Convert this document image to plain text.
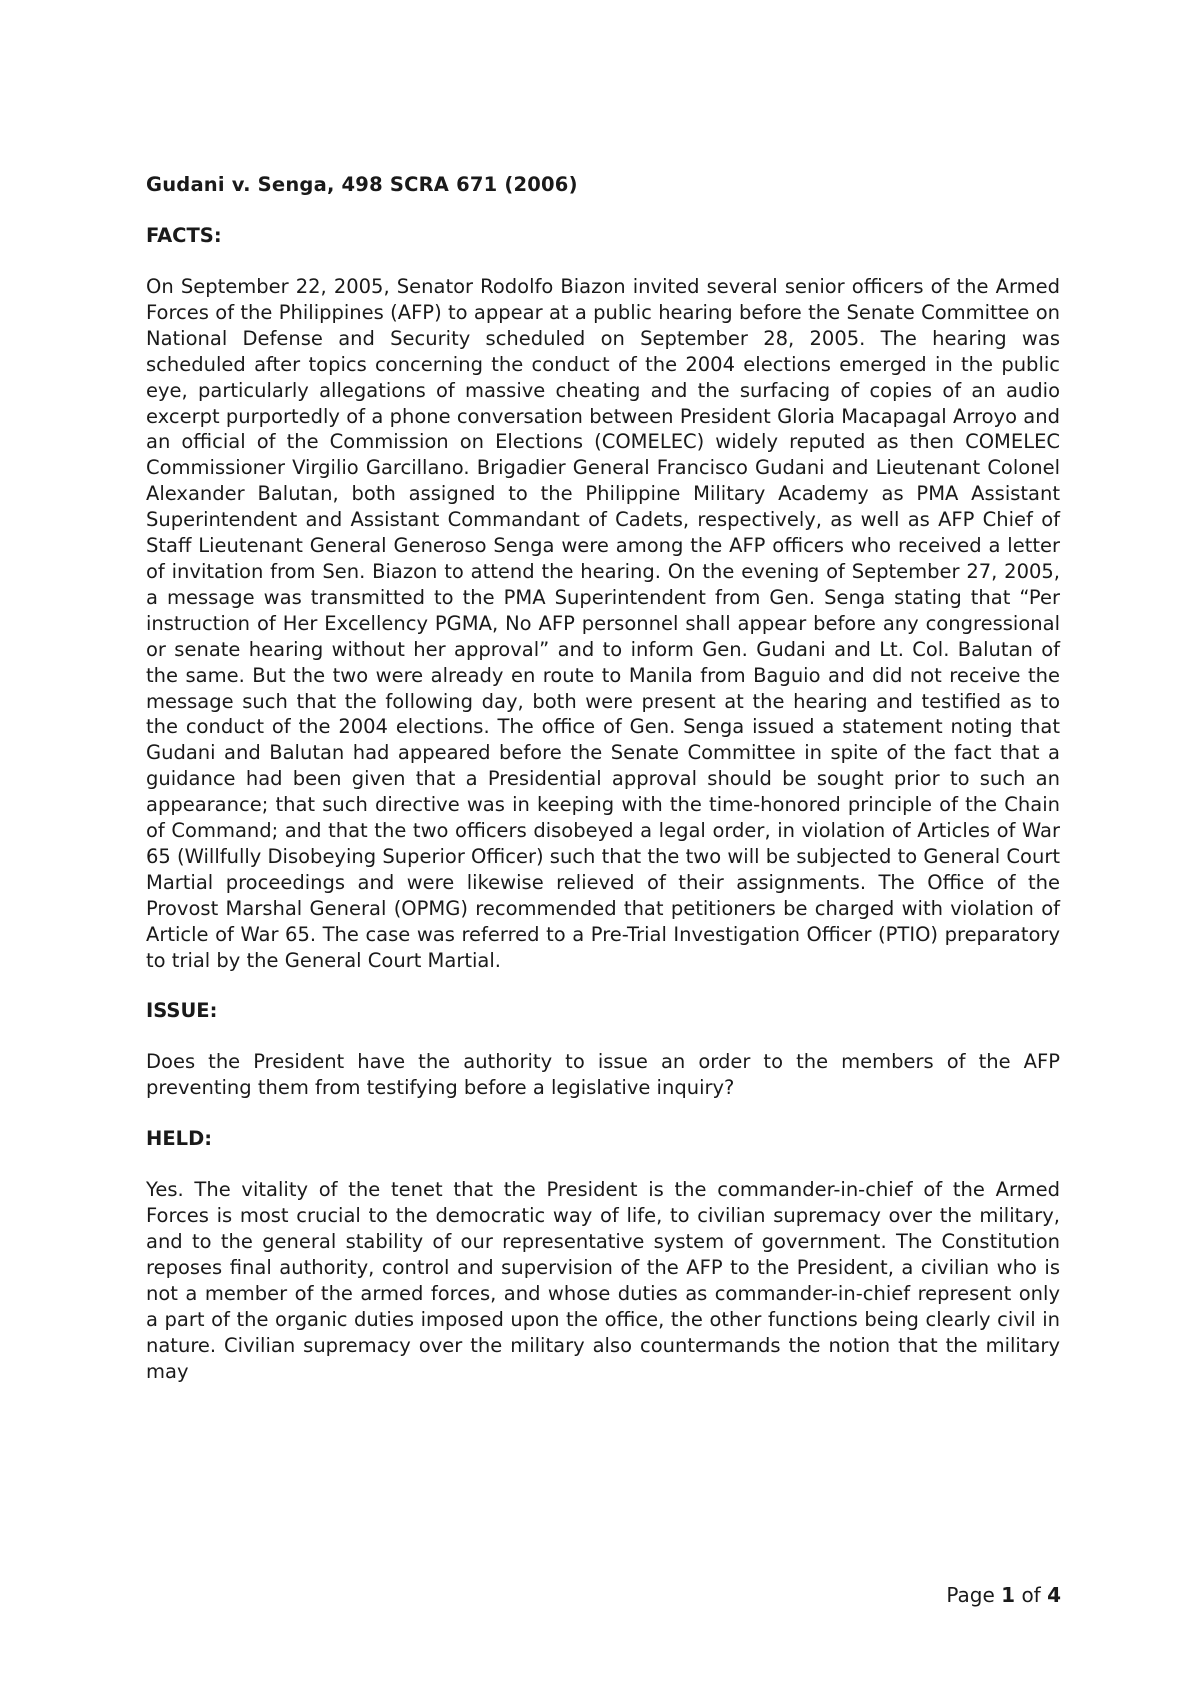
Gudani v. Senga, 498 SCRA 671 (2006)
FACTS:
On September 22, 2005, Senator Rodolfo Biazon invited several senior officers of the Armed Forces of the Philippines (AFP) to appear at a public hearing before the Senate Committee on National Defense and Security scheduled on September 28, 2005. The hearing was scheduled after topics concerning the conduct of the 2004 elections emerged in the public eye, particularly allegations of massive cheating and the surfacing of copies of an audio excerpt purportedly of a phone conversation between President Gloria Macapagal Arroyo and an official of the Commission on Elections (COMELEC) widely reputed as then COMELEC Commissioner Virgilio Garcillano. Brigadier General Francisco Gudani and Lieutenant Colonel Alexander Balutan, both assigned to the Philippine Military Academy as PMA Assistant Superintendent and Assistant Commandant of Cadets, respectively, as well as AFP Chief of Staff Lieutenant General Generoso Senga were among the AFP officers who received a letter of invitation from Sen. Biazon to attend the hearing. On the evening of September 27, 2005, a message was transmitted to the PMA Superintendent from Gen. Senga stating that “Per instruction of Her Excellency PGMA, No AFP personnel shall appear before any congressional or senate hearing without her approval” and to inform Gen. Gudani and Lt. Col. Balutan of the same. But the two were already en route to Manila from Baguio and did not receive the message such that the following day, both were present at the hearing and testified as to the conduct of the 2004 elections. The office of Gen. Senga issued a statement noting that Gudani and Balutan had appeared before the Senate Committee in spite of the fact that a guidance had been given that a Presidential approval should be sought prior to such an appearance; that such directive was in keeping with the time-honored principle of the Chain of Command; and that the two officers disobeyed a legal order, in violation of Articles of War 65 (Willfully Disobeying Superior Officer) such that the two will be subjected to General Court Martial proceedings and were likewise relieved of their assignments. The Office of the Provost Marshal General (OPMG) recommended that petitioners be charged with violation of Article of War 65. The case was referred to a Pre-Trial Investigation Officer (PTIO) preparatory to trial by the General Court Martial.
ISSUE:
Does the President have the authority to issue an order to the members of the AFP preventing them from testifying before a legislative inquiry?
HELD:
Yes. The vitality of the tenet that the President is the commander-in-chief of the Armed Forces is most crucial to the democratic way of life, to civilian supremacy over the military, and to the general stability of our representative system of government. The Constitution reposes final authority, control and supervision of the AFP to the President, a civilian who is not a member of the armed forces, and whose duties as commander-in-chief represent only a part of the organic duties imposed upon the office, the other functions being clearly civil in nature. Civilian supremacy over the military also countermands the notion that the military may
Page 1 of 4
